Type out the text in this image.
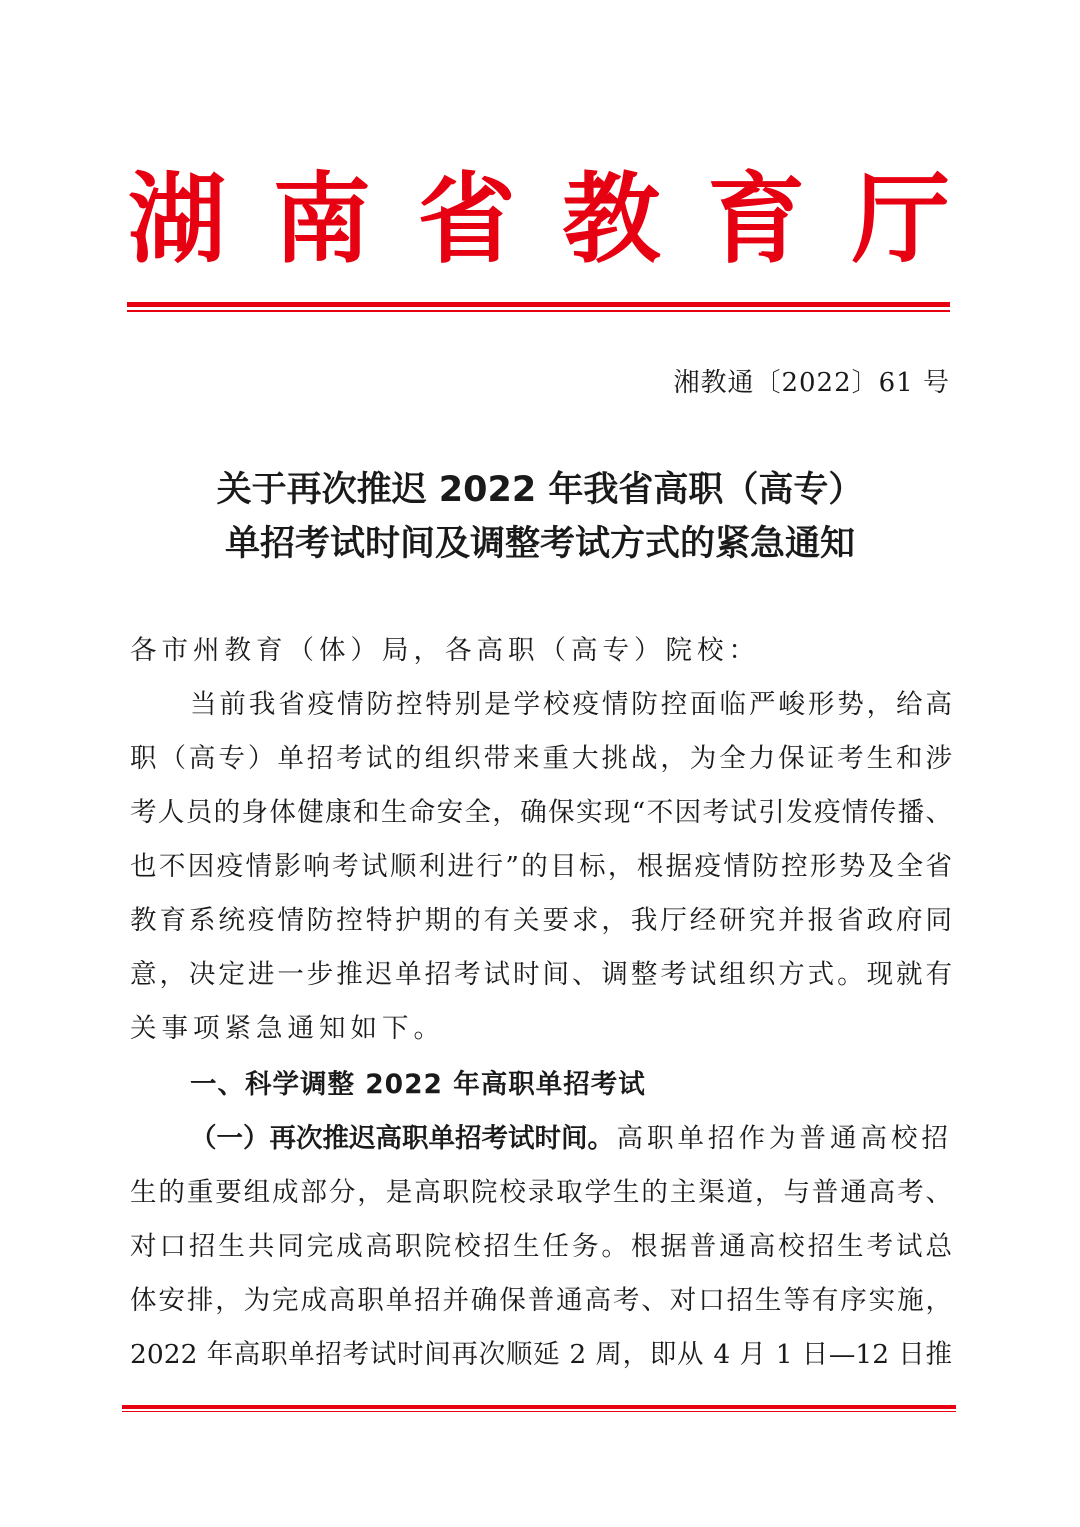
湖 南 省 教 育 厅
湘教通〔2022〕61 号
关于再次推迟 2022 年我省高职（高专）
单招考试时间及调整考试方式的紧急通知
各市州教育（体）局，各高职（高专）院校：
当前我省疫情防控特别是学校疫情防控面临严峻形势，给高
职（高专）单招考试的组织带来重大挑战，为全力保证考生和涉
考人员的身体健康和生命安全，确保实现“不因考试引发疫情传播、
也不因疫情影响考试顺利进行”的目标，根据疫情防控形势及全省
教育系统疫情防控特护期的有关要求，我厅经研究并报省政府同
意，决定进一步推迟单招考试时间、调整考试组织方式。现就有
关事项紧急通知如下。
一、科学调整 2022 年高职单招考试
（一）再次推迟高职单招考试时间。 高职单招作为普通高校招
生的重要组成部分，是高职院校录取学生的主渠道，与普通高考、
对口招生共同完成高职院校招生任务。根据普通高校招生考试总
体安排，为完成高职单招并确保普通高考、对口招生等有序实施，
2022 年高职单招考试时间再次顺延 2 周，即从 4 月 1 日—12 日推
